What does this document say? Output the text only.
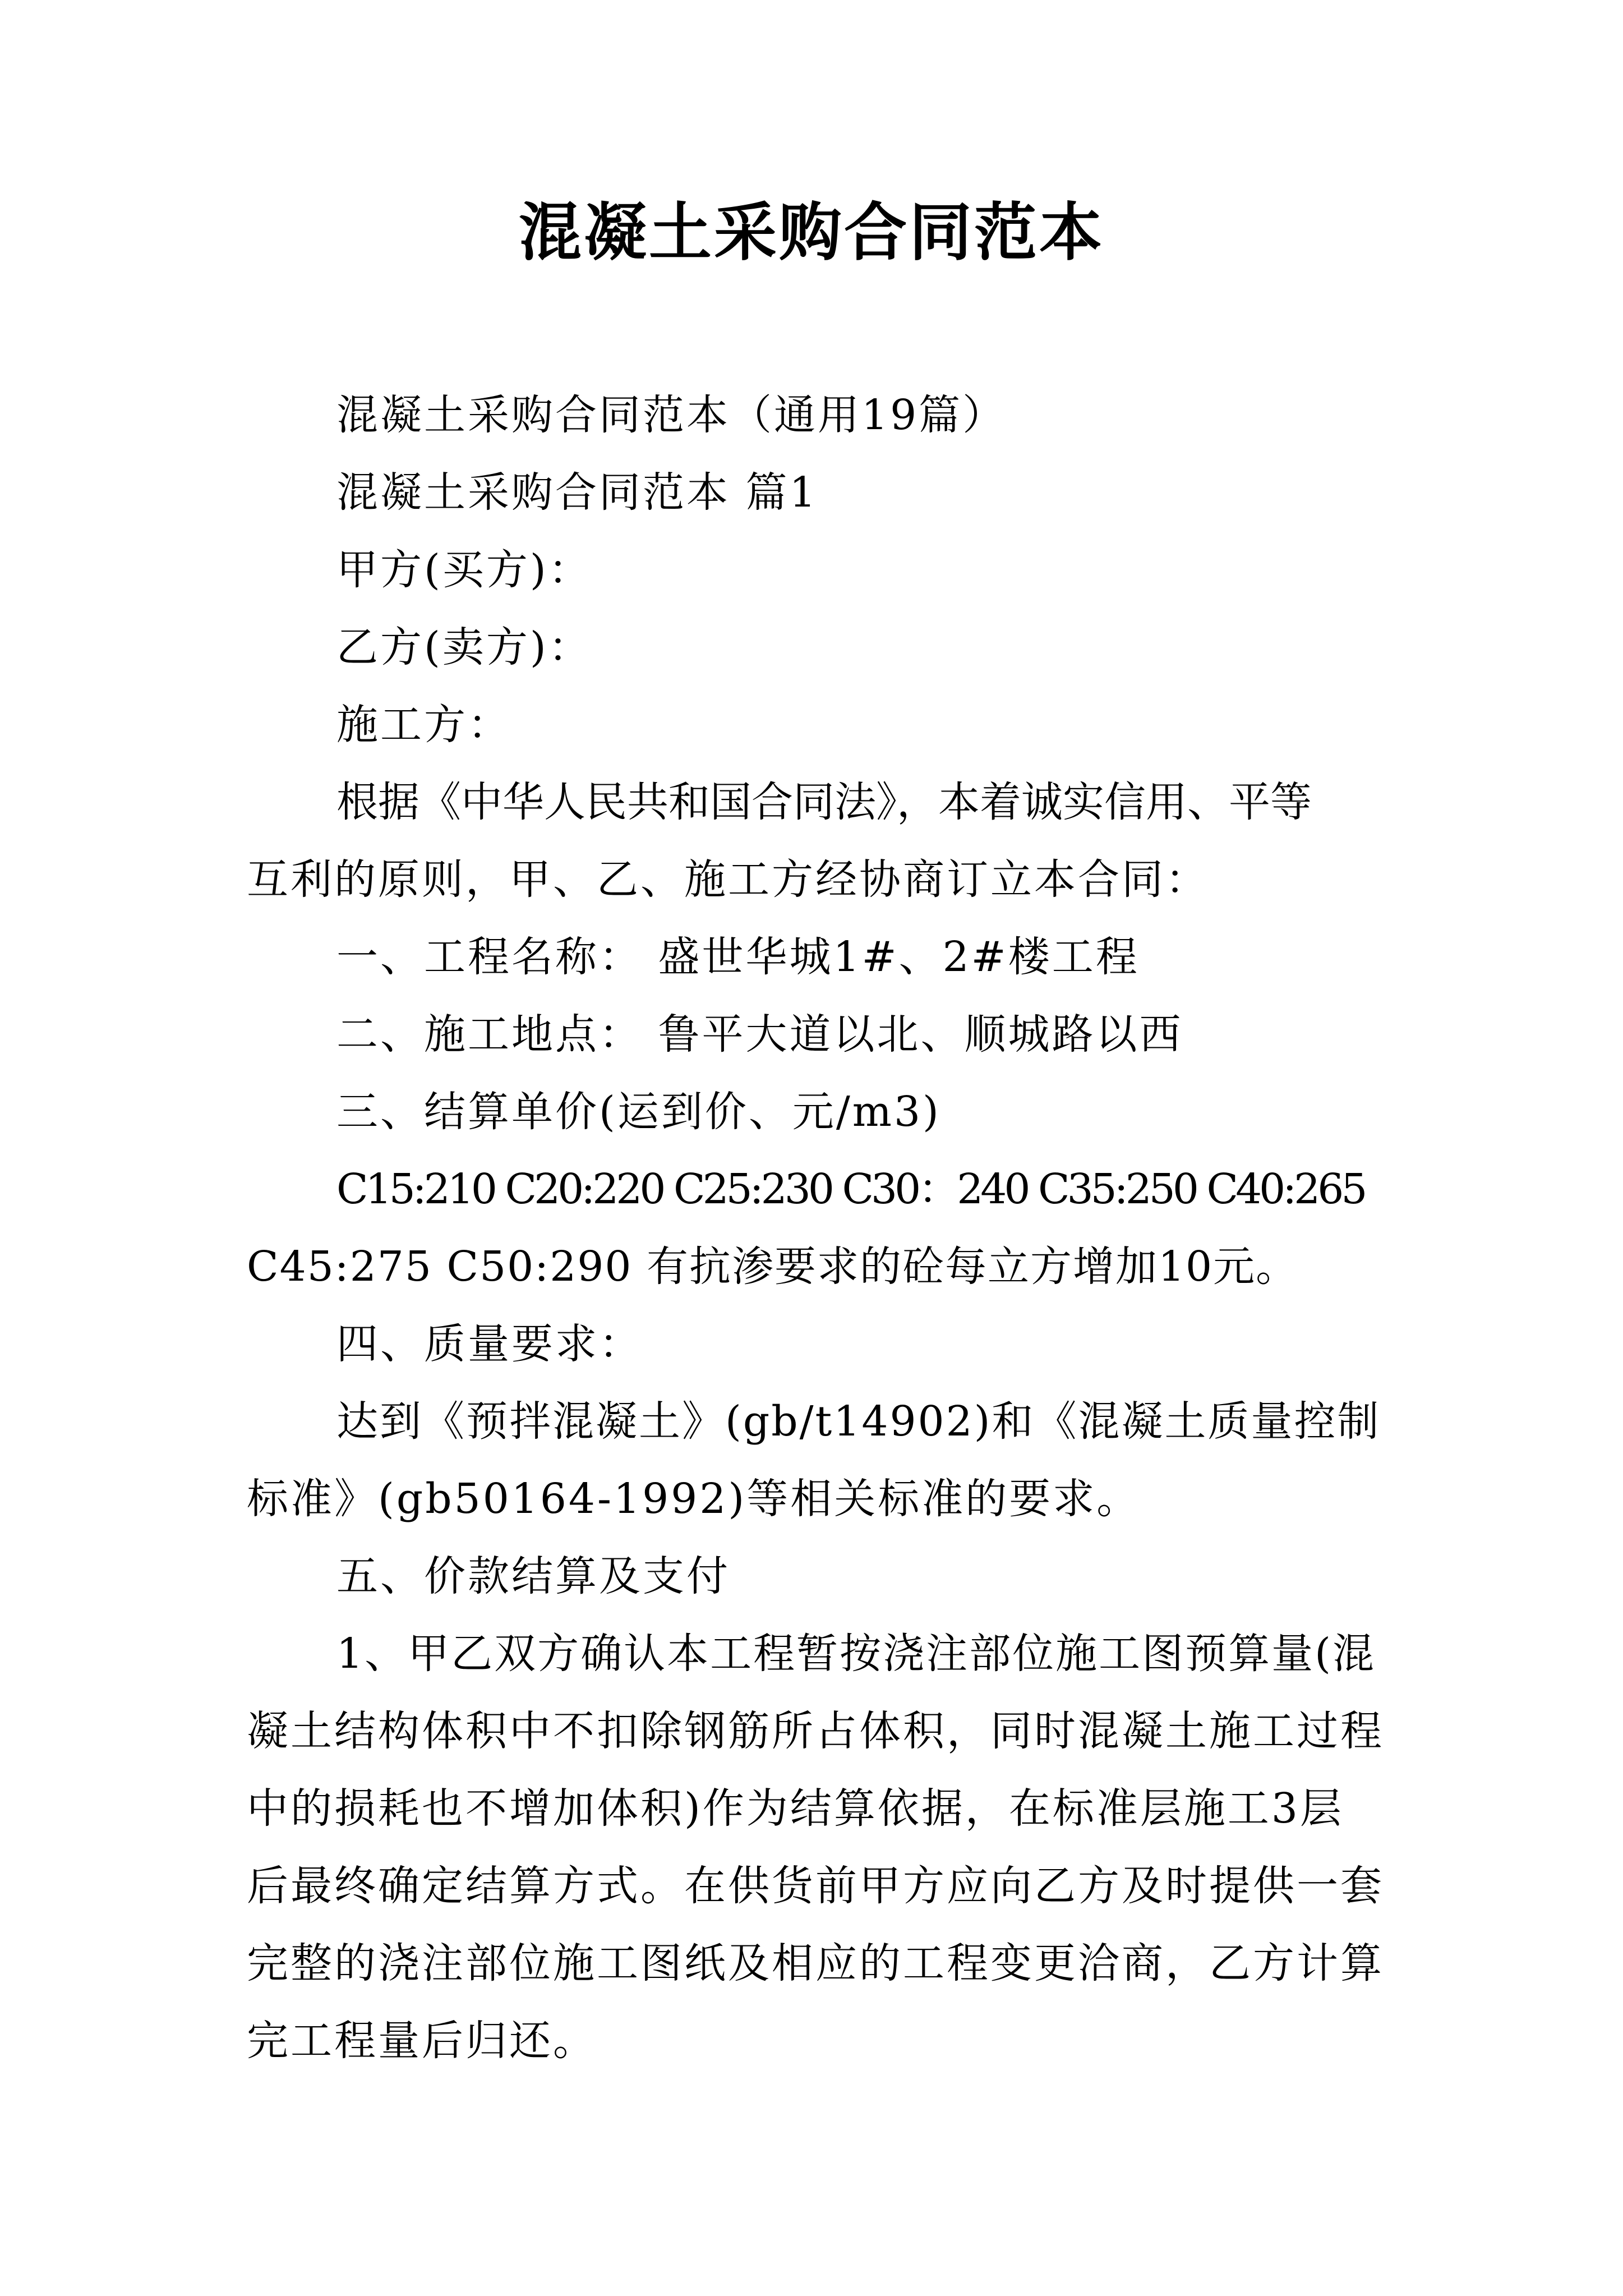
混凝土采购合同范本
混凝土采购合同范本（通用19篇）
混凝土采购合同范本 篇1
甲方(买方)：
乙方(卖方)：
施工方：
根据《中华人民共和国合同法》，本着诚实信用、平等
互利的原则，甲、乙、施工方经协商订立本合同：
一、工程名称： 盛世华城1#、2#楼工程
二、施工地点： 鲁平大道以北、顺城路以西
三、结算单价(运到价、元/m3)
C15:210 C20:220 C25:230 C30：240 C35:250 C40:265
C45:275 C50:290 有抗渗要求的砼每立方增加10元。
四、质量要求：
达到《预拌混凝土》(gb/t14902)和《混凝土质量控制
标准》(gb50164-1992)等相关标准的要求。
五、价款结算及支付
1、甲乙双方确认本工程暂按浇注部位施工图预算量(混
凝土结构体积中不扣除钢筋所占体积，同时混凝土施工过程
中的损耗也不增加体积)作为结算依据，在标准层施工3层
后最终确定结算方式。在供货前甲方应向乙方及时提供一套
完整的浇注部位施工图纸及相应的工程变更洽商，乙方计算
完工程量后归还。
